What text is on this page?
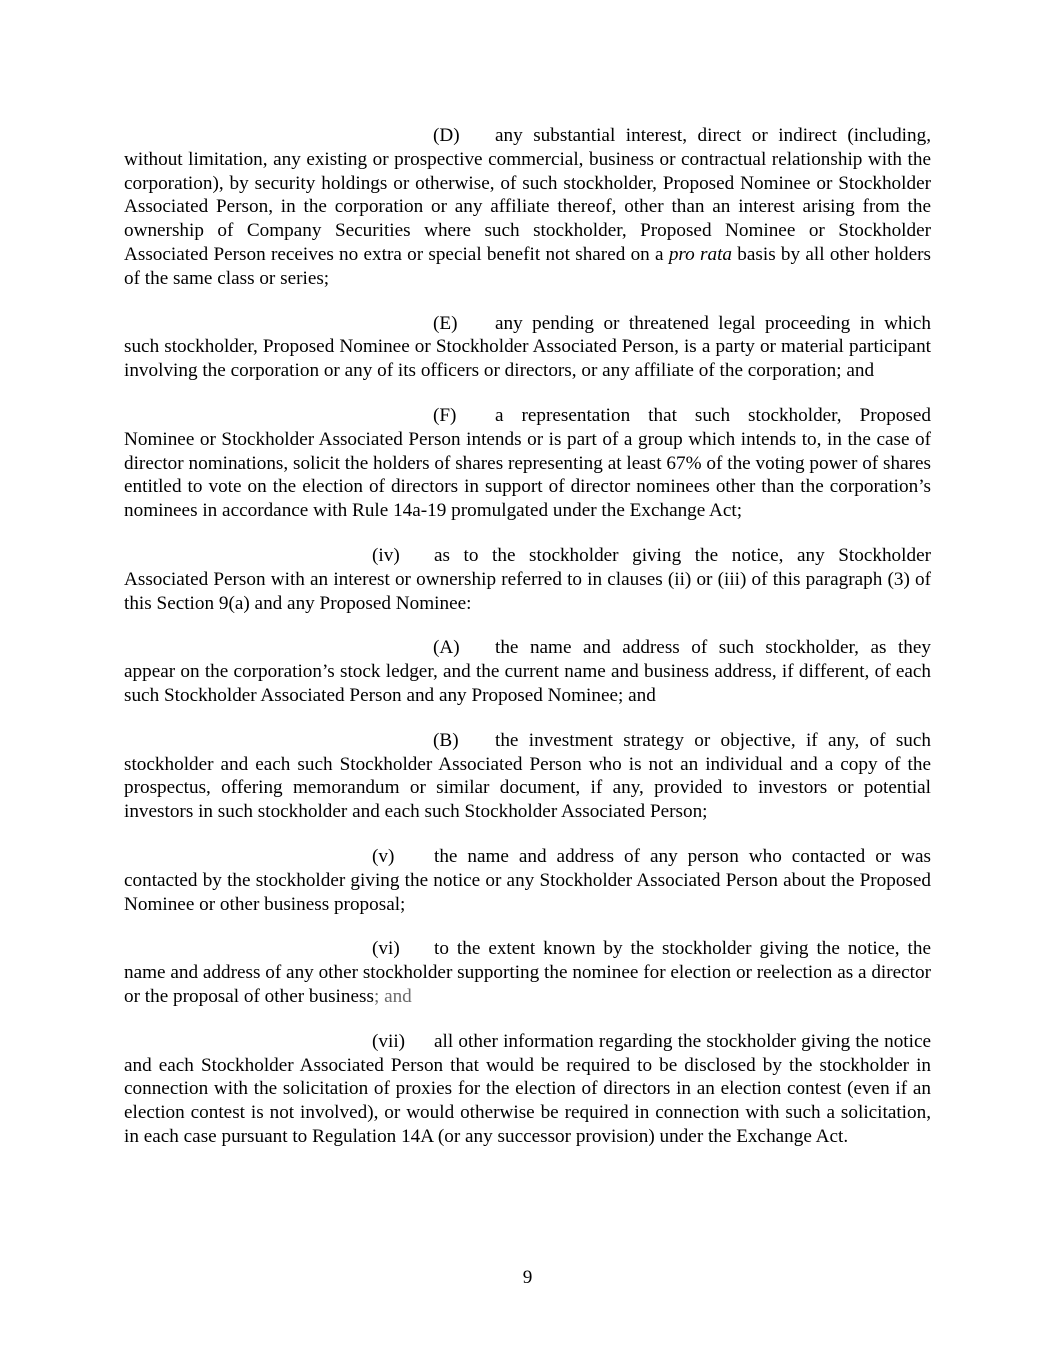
(D) any substantial interest, direct or indirect (including, without limitation, any existing or prospective commercial, business or contractual relationship with the corporation), by security holdings or otherwise, of such stockholder, Proposed Nominee or Stockholder Associated Person, in the corporation or any affiliate thereof, other than an interest arising from the ownership of Company Securities where such stockholder, Proposed Nominee or Stockholder Associated Person receives no extra or special benefit not shared on a pro rata basis by all other holders of the same class or series;

(E) any pending or threatened legal proceeding in which such stockholder, Proposed Nominee or Stockholder Associated Person, is a party or material participant involving the corporation or any of its officers or directors, or any affiliate of the corporation; and

(F) a representation that such stockholder, Proposed Nominee or Stockholder Associated Person intends or is part of a group which intends to, in the case of director nominations, solicit the holders of shares representing at least 67% of the voting power of shares entitled to vote on the election of directors in support of director nominees other than the corporation’s nominees in accordance with Rule 14a-19 promulgated under the Exchange Act;

(iv) as to the stockholder giving the notice, any Stockholder Associated Person with an interest or ownership referred to in clauses (ii) or (iii) of this paragraph (3) of this Section 9(a) and any Proposed Nominee:

(A) the name and address of such stockholder, as they appear on the corporation’s stock ledger, and the current name and business address, if different, of each such Stockholder Associated Person and any Proposed Nominee; and

(B) the investment strategy or objective, if any, of such stockholder and each such Stockholder Associated Person who is not an individual and a copy of the prospectus, offering memorandum or similar document, if any, provided to investors or potential investors in such stockholder and each such Stockholder Associated Person;

(v) the name and address of any person who contacted or was contacted by the stockholder giving the notice or any Stockholder Associated Person about the Proposed Nominee or other business proposal;

(vi) to the extent known by the stockholder giving the notice, the name and address of any other stockholder supporting the nominee for election or reelection as a director or the proposal of other business; and

(vii) all other information regarding the stockholder giving the notice and each Stockholder Associated Person that would be required to be disclosed by the stockholder in connection with the solicitation of proxies for the election of directors in an election contest (even if an election contest is not involved), or would otherwise be required in connection with such a solicitation, in each case pursuant to Regulation 14A (or any successor provision) under the Exchange Act.

9
